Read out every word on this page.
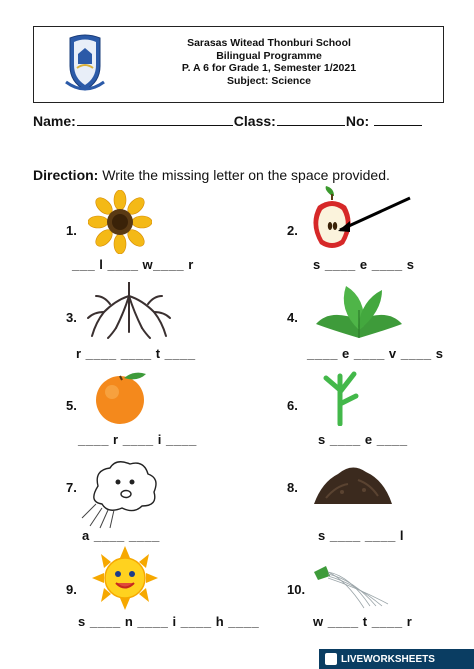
Sarasas Witead Thonburi School
Bilingual Programme
P. A 6 for Grade 1, Semester 1/2021
Subject: Science
Name:	Class:	No:
Direction: Write the missing letter on the space provided.
1.
___ l ____ w____ r
2.
s ____ e ____ s
3.
r ____ ____ t ____
4.
____ e ____ v ____ s
5.
____ r ____ i ____
6.
s ____ e ____
7.
a ____ ____
8.
s ____ ____ l
9.
s ____ n ____ i ____ h ____
10.
w ____ t ____ r
LIVEWORKSHEETS
